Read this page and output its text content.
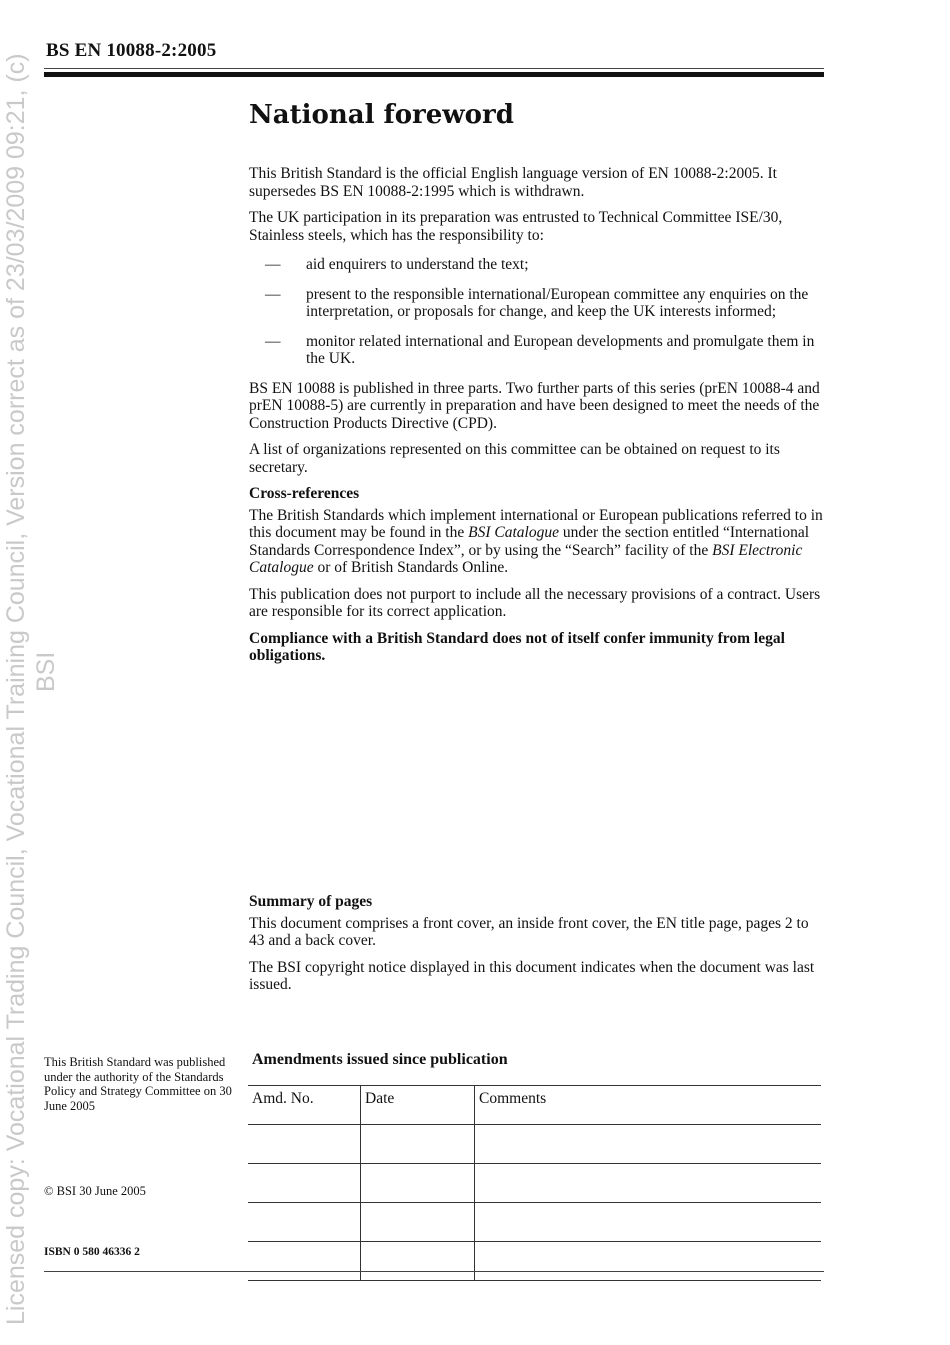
Licensed copy: Vocational Trading Council, Vocational Training Council, Version correct as of 23/03/2009 09:21, (c) BSI
BS EN 10088-2:2005
National foreword

This British Standard is the official English language version of EN 10088-2:2005. It supersedes BS EN 10088-2:1995 which is withdrawn.

The UK participation in its preparation was entrusted to Technical Committee ISE/30, Stainless steels, which has the responsibility to:

— aid enquirers to understand the text;
— present to the responsible international/European committee any enquiries on the interpretation, or proposals for change, and keep the UK interests informed;
— monitor related international and European developments and promulgate them in the UK.

BS EN 10088 is published in three parts. Two further parts of this series (prEN 10088-4 and prEN 10088-5) are currently in preparation and have been designed to meet the needs of the Construction Products Directive (CPD).

A list of organizations represented on this committee can be obtained on request to its secretary.

Cross-references

The British Standards which implement international or European publications referred to in this document may be found in the BSI Catalogue under the section entitled “International Standards Correspondence Index”, or by using the “Search” facility of the BSI Electronic Catalogue or of British Standards Online.

This publication does not purport to include all the necessary provisions of a contract. Users are responsible for its correct application.

Compliance with a British Standard does not of itself confer immunity from legal obligations.

Summary of pages

This document comprises a front cover, an inside front cover, the EN title page, pages 2 to 43 and a back cover.

The BSI copyright notice displayed in this document indicates when the document was last issued.

This British Standard was published under the authority of the Standards Policy and Strategy Committee on 30 June 2005
© BSI 30 June 2005
ISBN 0 580 46336 2
Amendments issued since publication
Amd. No.	Date	Comments
